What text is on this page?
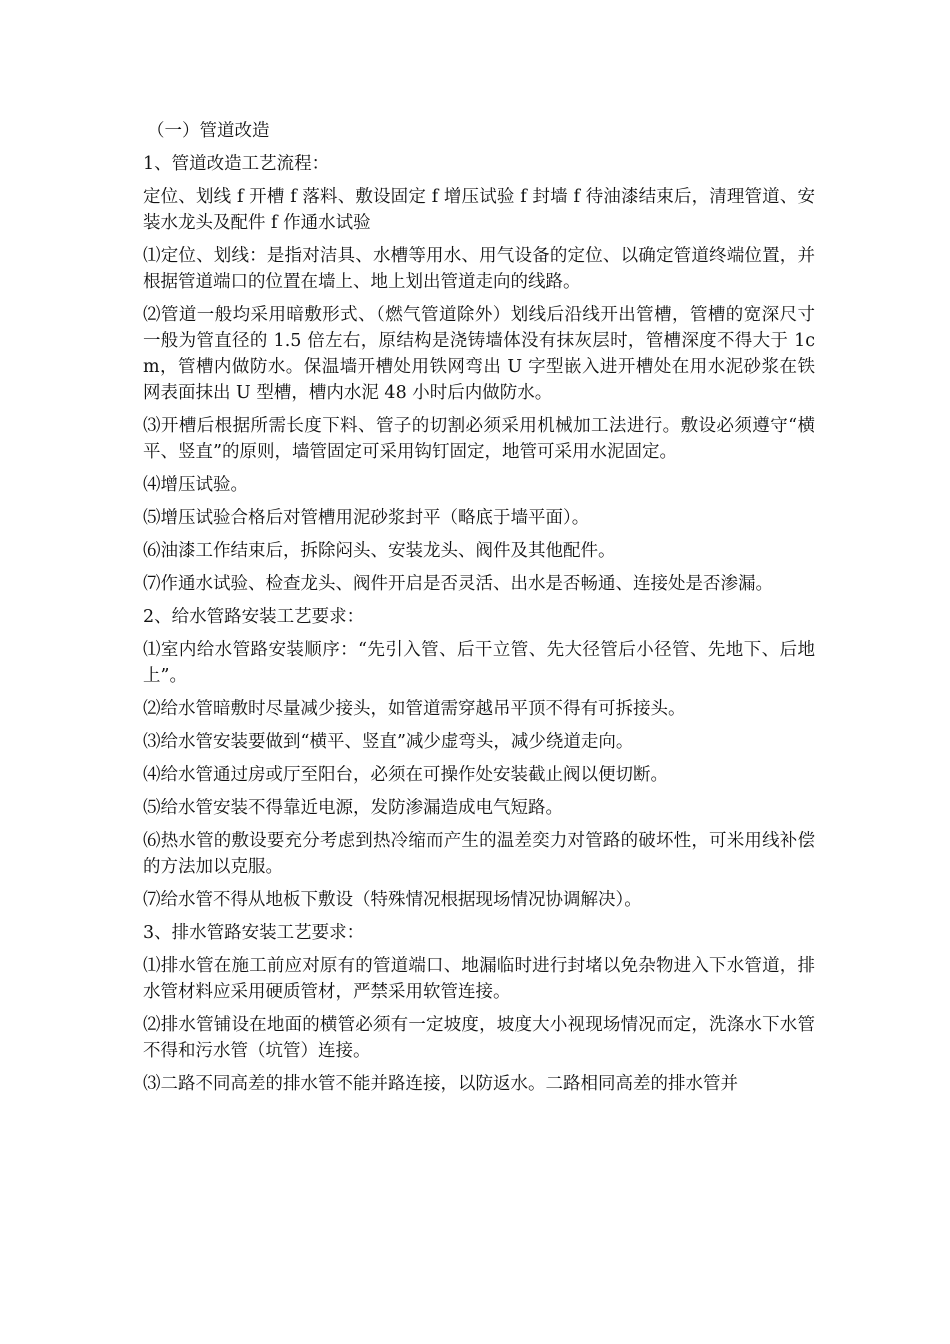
（一）管道改造
1、管道改造工艺流程：
定位、划线 f 开槽 f 落料、敷设固定 f 增压试验 f 封墙 f 待油漆结束后，清理管道、安装水龙头及配件 f 作通水试验
⑴定位、划线：是指对洁具、水槽等用水、用气设备的定位、以确定管道终端位置，并根据管道端口的位置在墙上、地上划出管道走向的线路。
⑵管道一般均采用暗敷形式、（燃气管道除外）划线后沿线开出管槽，管槽的宽深尺寸一般为管直径的 1.5 倍左右，原结构是浇铸墙体没有抹灰层时，管槽深度不得大于 1cm，管槽内做防水。保温墙开槽处用铁网弯出 U 字型嵌入进开槽处在用水泥砂浆在铁网表面抹出 U 型槽，槽内水泥 48 小时后内做防水。
⑶开槽后根据所需长度下料、管子的切割必须采用机械加工法进行。敷设必须遵守“横平、竖直”的原则，墙管固定可采用钩钉固定，地管可采用水泥固定。
⑷增压试验。
⑸增压试验合格后对管槽用泥砂浆封平（略底于墙平面）。
⑹油漆工作结束后，拆除闷头、安装龙头、阀件及其他配件。
⑺作通水试验、检查龙头、阀件开启是否灵活、出水是否畅通、连接处是否渗漏。
2、给水管路安装工艺要求：
⑴室内给水管路安装顺序：“先引入管、后干立管、先大径管后小径管、先地下、后地上”。
⑵给水管暗敷时尽量减少接头，如管道需穿越吊平顶不得有可拆接头。
⑶给水管安装要做到“横平、竖直”减少虚弯头，减少绕道走向。
⑷给水管通过房或厅至阳台，必须在可操作处安装截止阀以便切断。
⑸给水管安装不得靠近电源，发防渗漏造成电气短路。
⑹热水管的敷设要充分考虑到热冷缩而产生的温差奕力对管路的破坏性，可米用线补偿的方法加以克服。
⑺给水管不得从地板下敷设（特殊情况根据现场情况协调解决）。
3、排水管路安装工艺要求：
⑴排水管在施工前应对原有的管道端口、地漏临时进行封堵以免杂物进入下水管道，排水管材料应采用硬质管材，严禁采用软管连接。
⑵排水管铺设在地面的横管必须有一定坡度，坡度大小视现场情况而定，洗涤水下水管不得和污水管（坑管）连接。
⑶二路不同高差的排水管不能并路连接，以防返水。二路相同高差的排水管并
